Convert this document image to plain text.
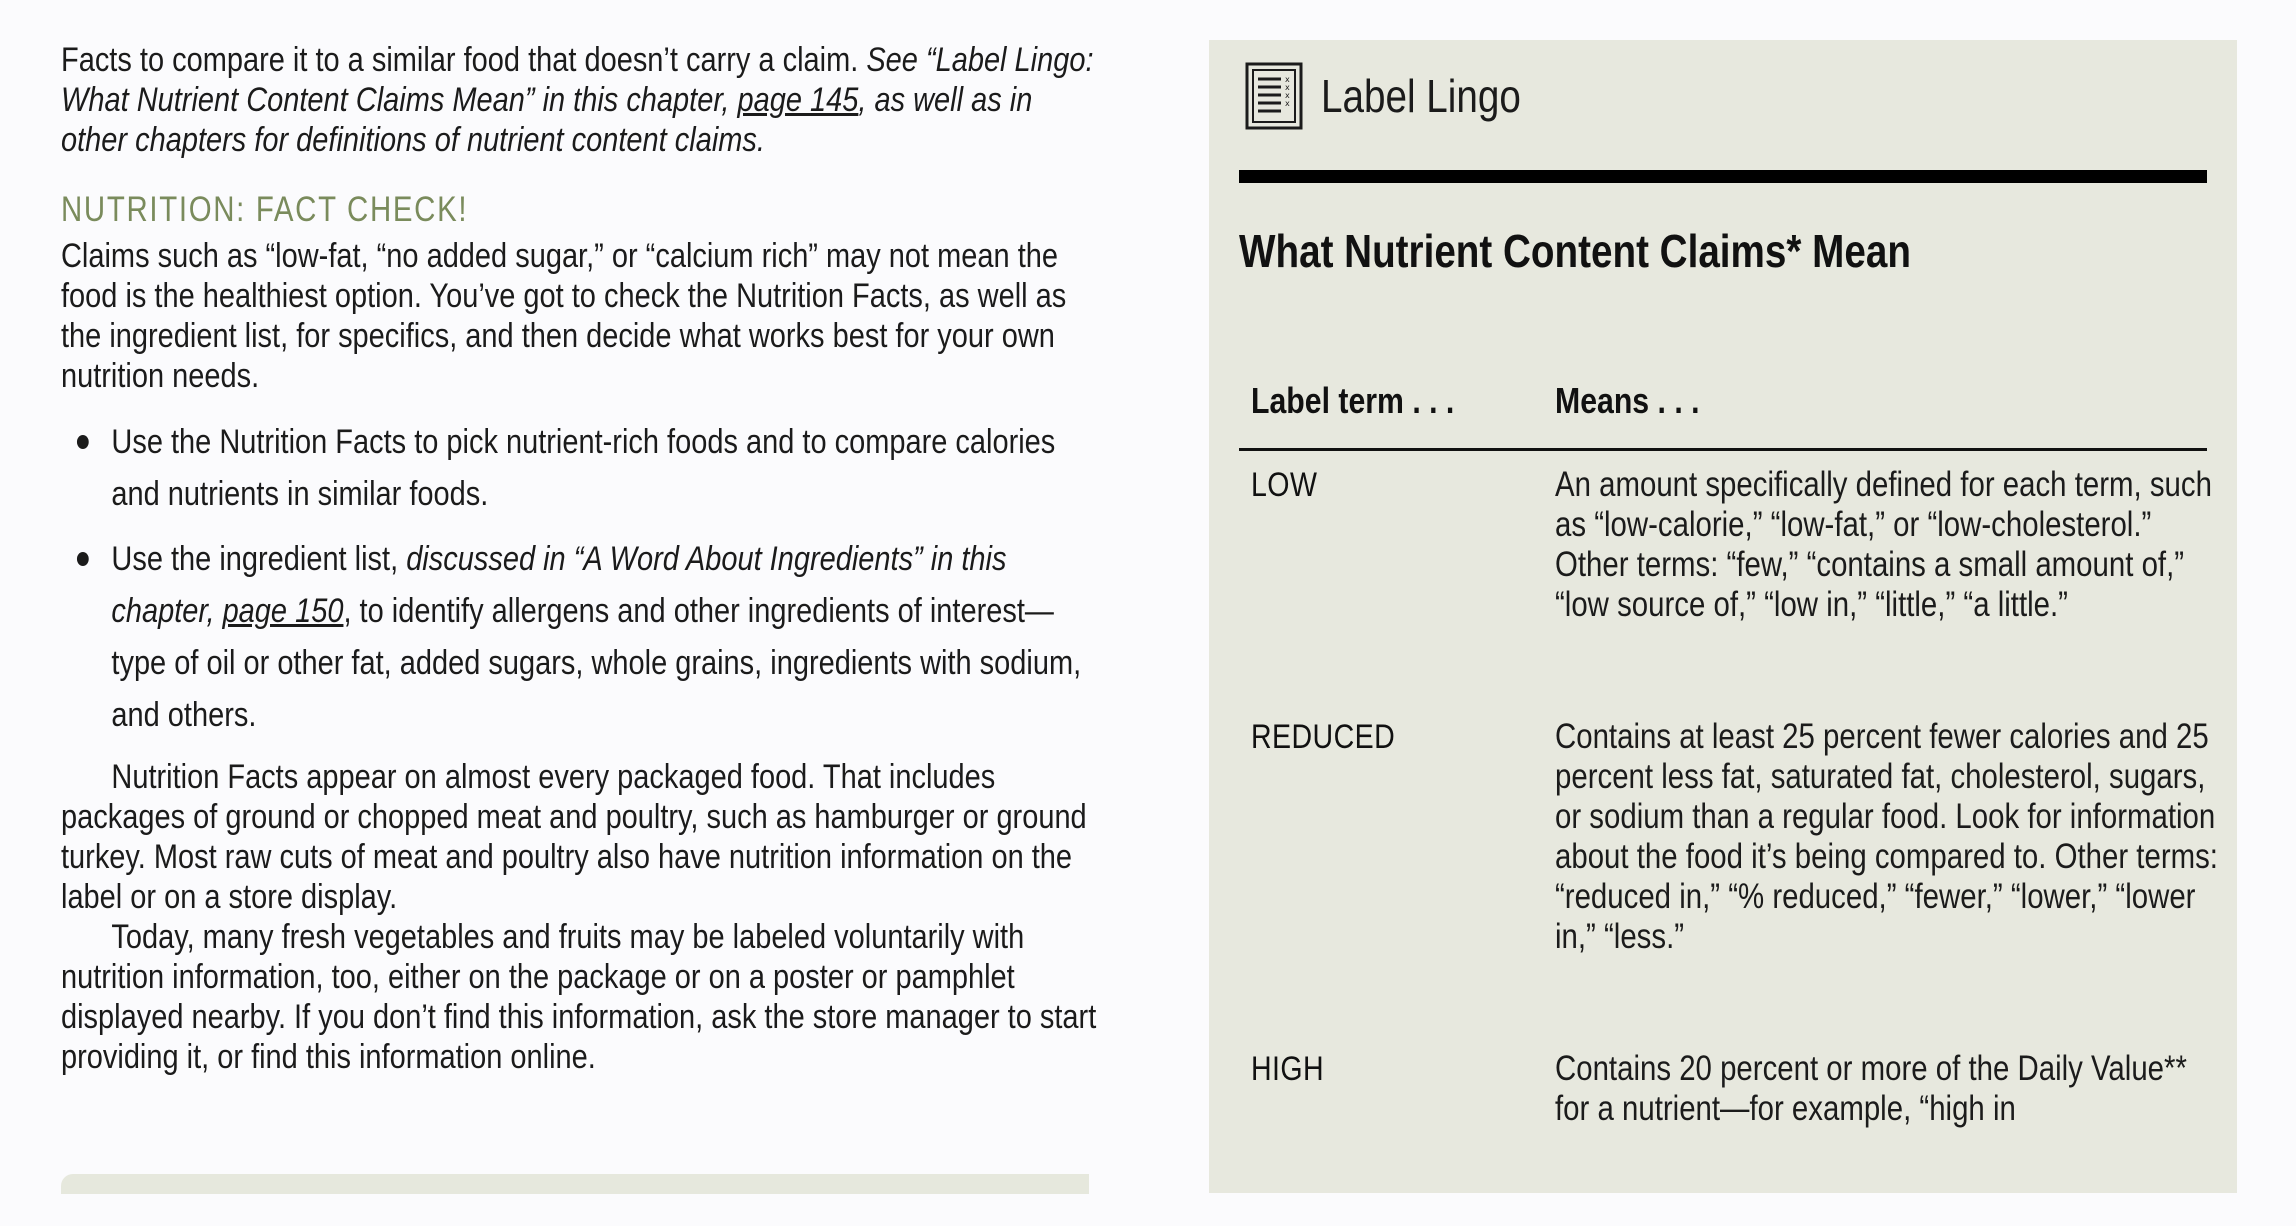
Facts to compare it to a similar food that doesn’t carry a claim. See “Label Lingo: What Nutrient Content Claims Mean” in this chapter, page 145, as well as in other chapters for definitions of nutrient content claims.

NUTRITION: FACT CHECK!

Claims such as “low-fat, “no added sugar,” or “calcium rich” may not mean the food is the healthiest option. You’ve got to check the Nutrition Facts, as well as the ingredient list, for specifics, and then decide what works best for your own nutrition needs.

Use the Nutrition Facts to pick nutrient-rich foods and to compare calories and nutrients in similar foods.
Use the ingredient list, discussed in “A Word About Ingredients” in this chapter, page 150, to identify allergens and other ingredients of interest—type of oil or other fat, added sugars, whole grains, ingredients with sodium, and others.

Nutrition Facts appear on almost every packaged food. That includes packages of ground or chopped meat and poultry, such as hamburger or ground turkey. Most raw cuts of meat and poultry also have nutrition information on the label or on a store display.

Today, many fresh vegetables and fruits may be labeled voluntarily with nutrition information, too, either on the package or on a poster or pamphlet displayed nearby. If you don’t find this information, ask the store manager to start providing it, or find this information online.

x
x
x
x Label Lingo
What Nutrient Content Claims* Mean
Label term . . .	Means . . .
LOW	An amount specifically defined for each term, such as “low-calorie,” “low-fat,” or “low-cholesterol.” Other terms: “few,” “contains a small amount of,” “low source of,” “low in,” “little,” “a little.”
REDUCED	Contains at least 25 percent fewer calories and 25 percent less fat, saturated fat, cholesterol, sugars, or sodium than a regular food. Look for information about the food it’s being compared to. Other terms: “reduced in,” “% reduced,” “fewer,” “lower,” “lower in,” “less.”
HIGH	Contains 20 percent or more of the Daily Value** for a nutrient—for example, “high in
